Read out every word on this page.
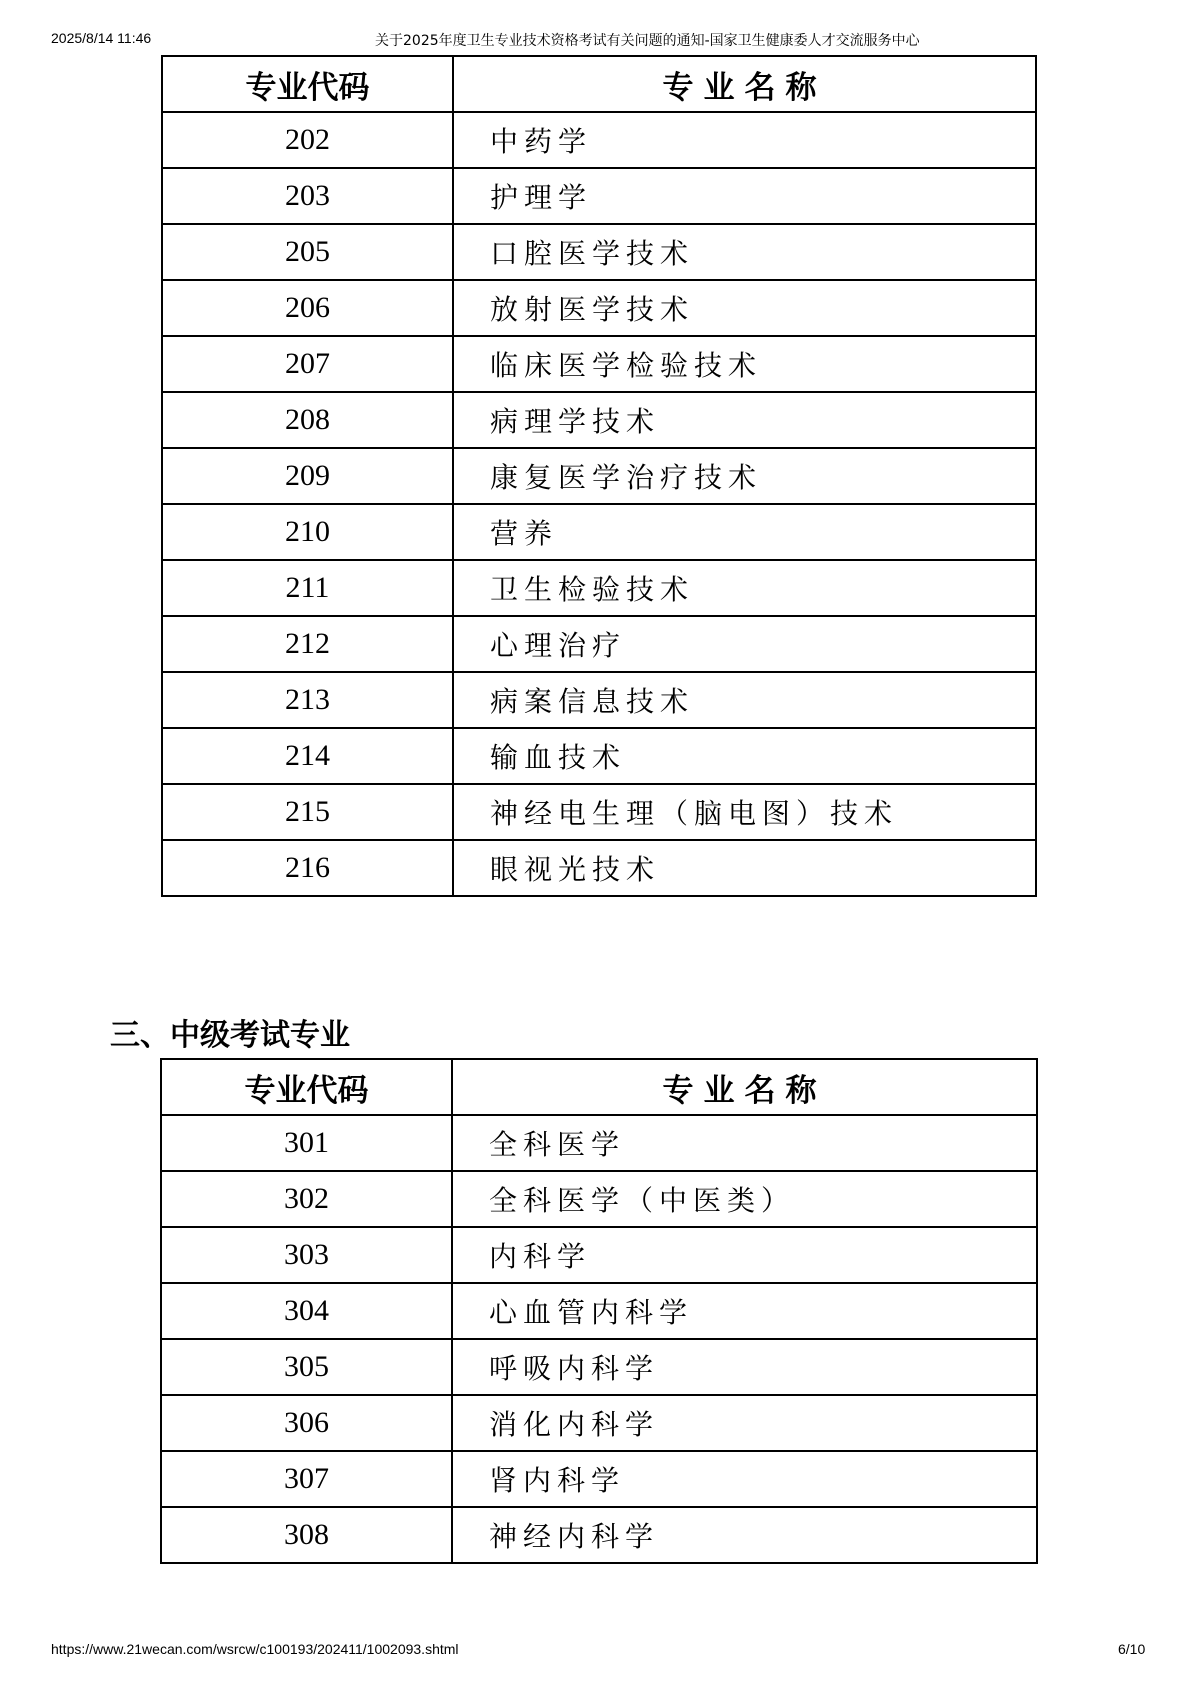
2025/8/14 11:46	关于2025年度卫生专业技术资格考试有关问题的通知-国家卫生健康委人才交流服务中心
专业代码	专业名称
202	中药学
203	护理学
205	口腔医学技术
206	放射医学技术
207	临床医学检验技术
208	病理学技术
209	康复医学治疗技术
210	营养
211	卫生检验技术
212	心理治疗
213	病案信息技术
214	输血技术
215	神经电生理（脑电图）技术
216	眼视光技术
三、中级考试专业
专业代码	专业名称
301	全科医学
302	全科医学（中医类）
303	内科学
304	心血管内科学
305	呼吸内科学
306	消化内科学
307	肾内科学
308	神经内科学
https://www.21wecan.com/wsrcw/c100193/202411/1002093.shtml	6/10
